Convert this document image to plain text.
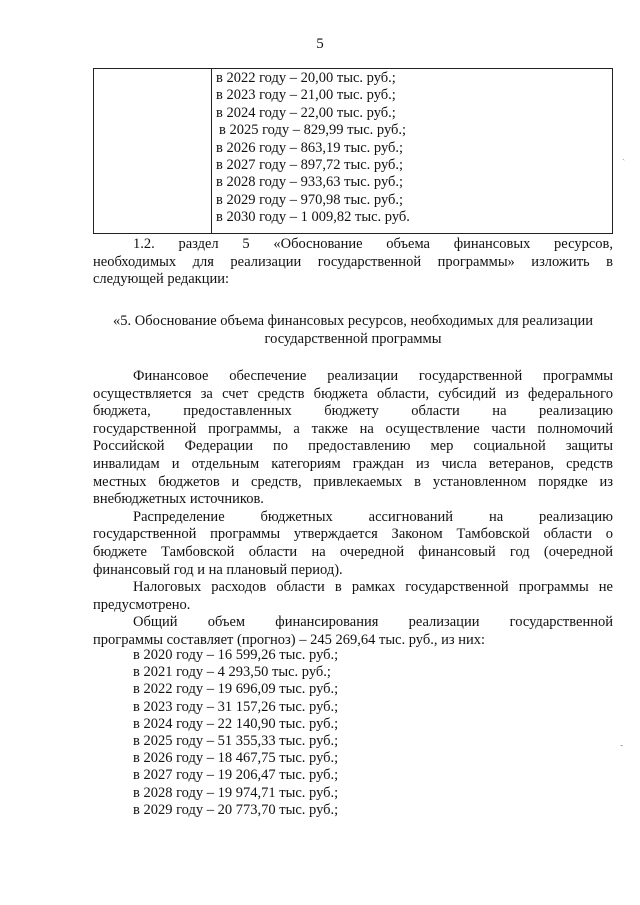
5
в 2022 году – 20,00 тыс. руб.;
в 2023 году – 21,00 тыс. руб.;
в 2024 году – 22,00 тыс. руб.;
в 2025 году – 829,99 тыс. руб.;
в 2026 году – 863,19 тыс. руб.;
в 2027 году – 897,72 тыс. руб.;
в 2028 году – 933,63 тыс. руб.;
в 2029 году – 970,98 тыс. руб.;
в 2030 году – 1 009,82 тыс. руб.
1.2. раздел 5 «Обоснование объема финансовых ресурсов,
необходимых для реализации государственной программы» изложить в
следующей редакции:
«5. Обоснование объема финансовых ресурсов, необходимых для реализации
государственной программы
Финансовое обеспечение реализации государственной программы
осуществляется за счет средств бюджета области, субсидий из федерального
бюджета, предоставленных бюджету области на реализацию
государственной программы, а также на осуществление части полномочий
Российской Федерации по предоставлению мер социальной защиты
инвалидам и отдельным категориям граждан из числа ветеранов, средств
местных бюджетов и средств, привлекаемых в установленном порядке из
внебюджетных источников.
Распределение бюджетных ассигнований на реализацию
государственной программы утверждается Законом Тамбовской области о
бюджете Тамбовской области на очередной финансовый год (очередной
финансовый год и на плановый период).
Налоговых расходов области в рамках государственной программы не
предусмотрено.
Общий объем финансирования реализации государственной
программы составляет (прогноз) – 245 269,64 тыс. руб., из них:
в 2020 году – 16 599,26 тыс. руб.;
в 2021 году – 4 293,50 тыс. руб.;
в 2022 году – 19 696,09 тыс. руб.;
в 2023 году – 31 157,26 тыс. руб.;
в 2024 году – 22 140,90 тыс. руб.;
в 2025 году – 51 355,33 тыс. руб.;
в 2026 году – 18 467,75 тыс. руб.;
в 2027 году – 19 206,47 тыс. руб.;
в 2028 году – 19 974,71 тыс. руб.;
в 2029 году – 20 773,70 тыс. руб.;
ˎ
-
